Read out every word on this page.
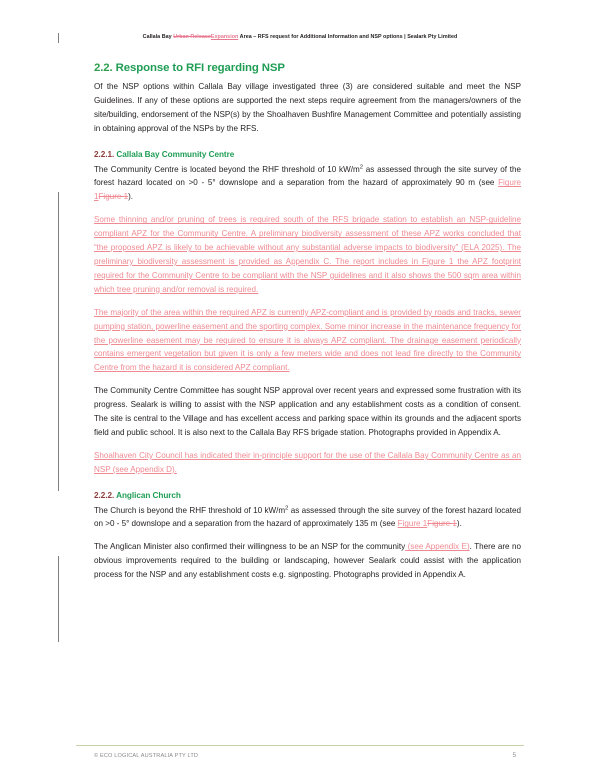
Callala Bay Urban ReleaseExpansion Area – RFS request for Additional Information and NSP options | Sealark Pty Limited
2.2. Response to RFI regarding NSP

Of the NSP options within Callala Bay village investigated three (3) are considered suitable and meet the NSP Guidelines. If any of these options are supported the next steps require agreement from the managers/owners of the site/building, endorsement of the NSP(s) by the Shoalhaven Bushfire Management Committee and potentially assisting in obtaining approval of the NSPs by the RFS.

2.2.1. Callala Bay Community Centre

The Community Centre is located beyond the RHF threshold of 10 $kW/m^2$ as assessed through the site survey of the forest hazard located on >0 - 5° downslope and a separation from the hazard of approximately 90 m (see Figure 1Figure 1).

Some thinning and/or pruning of trees is required south of the RFS brigade station to establish an NSP-guideline compliant APZ for the Community Centre. A preliminary biodiversity assessment of these APZ works concluded that “the proposed APZ is likely to be achievable without any substantial adverse impacts to biodiversity” (ELA 2025). The preliminary biodiversity assessment is provided as Appendix C. The report includes in Figure 1 the APZ footprint required for the Community Centre to be compliant with the NSP guidelines and it also shows the 500 sqm area within which tree pruning and/or removal is required.

The majority of the area within the required APZ is currently APZ-compliant and is provided by roads and tracks, sewer pumping station, powerline easement and the sporting complex. Some minor increase in the maintenance frequency for the powerline easement may be required to ensure it is always APZ compliant. The drainage easement periodically contains emergent vegetation but given it is only a few meters wide and does not lead fire directly to the Community Centre from the hazard it is considered APZ compliant.

The Community Centre Committee has sought NSP approval over recent years and expressed some frustration with its progress. Sealark is willing to assist with the NSP application and any establishment costs as a condition of consent. The site is central to the Village and has excellent access and parking space within its grounds and the adjacent sports field and public school. It is also next to the Callala Bay RFS brigade station. Photographs provided in Appendix A.

Shoalhaven City Council has indicated their in-principle support for the use of the Callala Bay Community Centre as an NSP (see Appendix D).

2.2.2. Anglican Church

The Church is beyond the RHF threshold of 10 $kW/m^2$ as assessed through the site survey of the forest hazard located on >0 - 5° downslope and a separation from the hazard of approximately 135 m (see Figure 1Figure 1).

The Anglican Minister also confirmed their willingness to be an NSP for the community (see Appendix E). There are no obvious improvements required to the building or landscaping, however Sealark could assist with the application process for the NSP and any establishment costs e.g. signposting. Photographs provided in Appendix A.

© ECO LOGICAL AUSTRALIA PTY LTD	5
